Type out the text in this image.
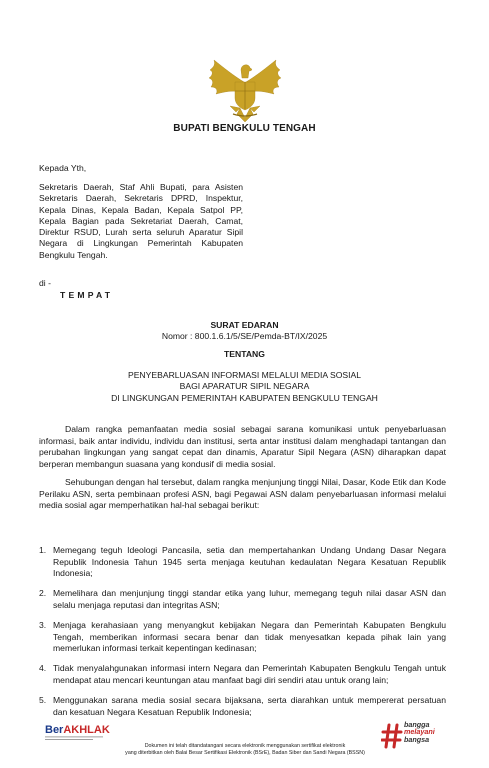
BUPATI BENGKULU TENGAH
Kepada Yth,
Sekretaris Daerah, Staf Ahli Bupati, para Asisten Sekretaris Daerah, Sekretaris DPRD, Inspektur, Kepala Dinas, Kepala Badan, Kepala Satpol PP, Kepala Bagian pada Sekretariat Daerah, Camat, Direktur RSUD, Lurah serta seluruh Aparatur Sipil Negara di Lingkungan Pemerintah Kabupaten Bengkulu Tengah.
di -
TEMPAT
SURAT EDARAN
Nomor : 800.1.6.1/5/SE/Pemda-BT/IX/2025
TENTANG
PENYEBARLUASAN INFORMASI MELALUI MEDIA SOSIAL
BAGI APARATUR SIPIL NEGARA
DI LINGKUNGAN PEMERINTAH KABUPATEN BENGKULU TENGAH
Dalam rangka pemanfaatan media sosial sebagai sarana komunikasi untuk penyebarluasan informasi, baik antar individu, individu dan institusi, serta antar institusi dalam menghadapi tantangan dan perubahan lingkungan yang sangat cepat dan dinamis, Aparatur Sipil Negara (ASN) diharapkan dapat berperan membangun suasana yang kondusif di media sosial.
Sehubungan dengan hal tersebut, dalam rangka menjunjung tinggi Nilai, Dasar, Kode Etik dan Kode Perilaku ASN, serta pembinaan profesi ASN, bagi Pegawai ASN dalam penyebarluasan informasi melalui media sosial agar memperhatikan hal-hal sebagai berikut:
1. Memegang teguh Ideologi Pancasila, setia dan mempertahankan Undang Undang Dasar Negara Republik Indonesia Tahun 1945 serta menjaga keutuhan kedaulatan Negara Kesatuan Republik Indonesia;
2. Memelihara dan menjunjung tinggi standar etika yang luhur, memegang teguh nilai dasar ASN dan selalu menjaga reputasi dan integritas ASN;
3. Menjaga kerahasiaan yang menyangkut kebijakan Negara dan Pemerintah Kabupaten Bengkulu Tengah, memberikan informasi secara benar dan tidak menyesatkan kepada pihak lain yang memerlukan informasi terkait kepentingan kedinasan;
4. Tidak menyalahgunakan informasi intern Negara dan Pemerintah Kabupaten Bengkulu Tengah untuk mendapat atau mencari keuntungan atau manfaat bagi diri sendiri atau untuk orang lain;
5. Menggunakan sarana media sosial secara bijaksana, serta diarahkan untuk mempererat persatuan dan kesatuan Negara Kesatuan Republik Indonesia;
BerAKHLAK
Dokumen ini telah ditandatangani secara elektronik menggunakan sertifikat elektronik
yang diterbitkan oleh Balai Besar Sertifikasi Elektronik (BSrE), Badan Siber dan Sandi Negara (BSSN)
bangga
melayani
bangsa
